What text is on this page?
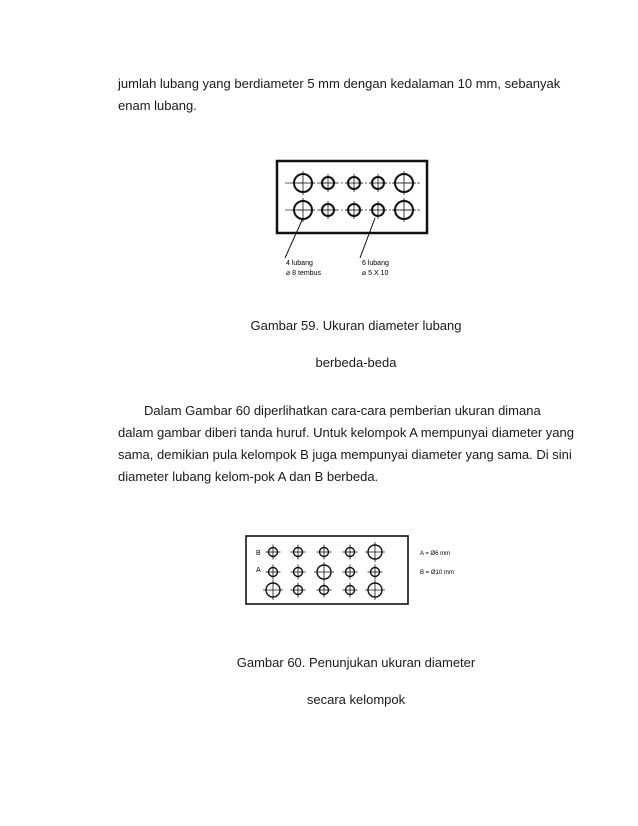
jumlah lubang yang berdiameter 5 mm dengan kedalaman 10 mm, sebanyak enam lubang.

4 lubang
⌀ 8 tembus
6 lubang
⌀ 5 X 10

Gambar 59. Ukuran diameter lubang

berbeda-beda

Dalam Gambar 60 diperlihatkan cara-cara pemberian ukuran dimana dalam gambar diberi tanda huruf. Untuk kelompok A mempunyai diameter yang sama, demikian pula kelompok B juga mempunyai diameter yang sama. Di sini diameter lubang kelom-pok A dan B berbeda.

B
A
A = Ø6 mm
B = Ø10 mm

Gambar 60. Penunjukan ukuran diameter

secara kelompok
